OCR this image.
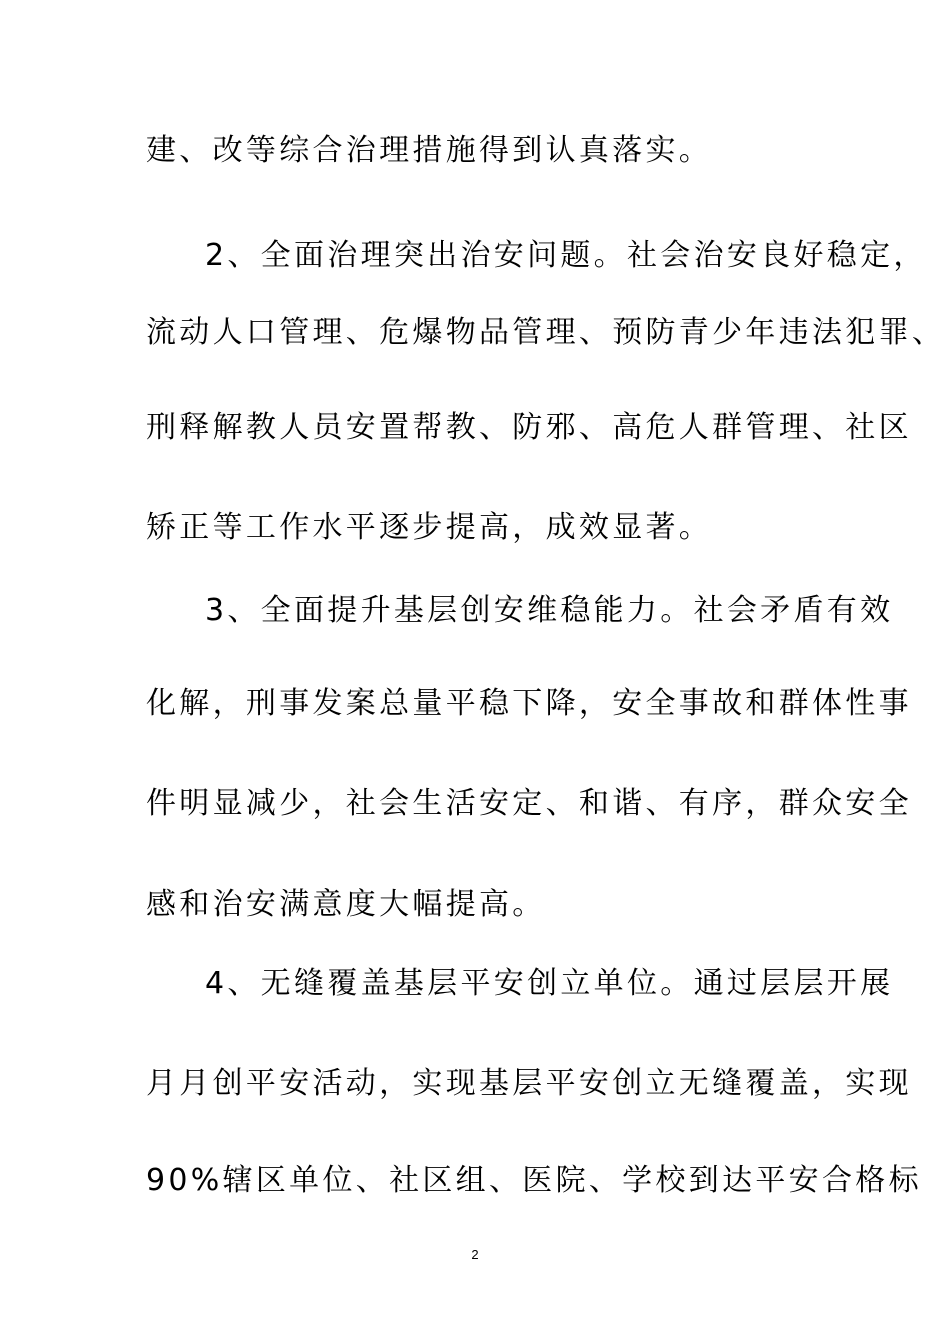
建、改等综合治理措施得到认真落实。
2、全面治理突出治安问题。社会治安良好稳定，
流动人口管理、危爆物品管理、预防青少年违法犯罪、
刑释解教人员安置帮教、防邪、高危人群管理、社区
矫正等工作水平逐步提高，成效显著。
3、全面提升基层创安维稳能力。社会矛盾有效
化解，刑事发案总量平稳下降，安全事故和群体性事
件明显减少，社会生活安定、和谐、有序，群众安全
感和治安满意度大幅提高。
4、无缝覆盖基层平安创立单位。通过层层开展
月月创平安活动，实现基层平安创立无缝覆盖，实现
90%辖区单位、社区组、医院、学校到达平安合格标
2
